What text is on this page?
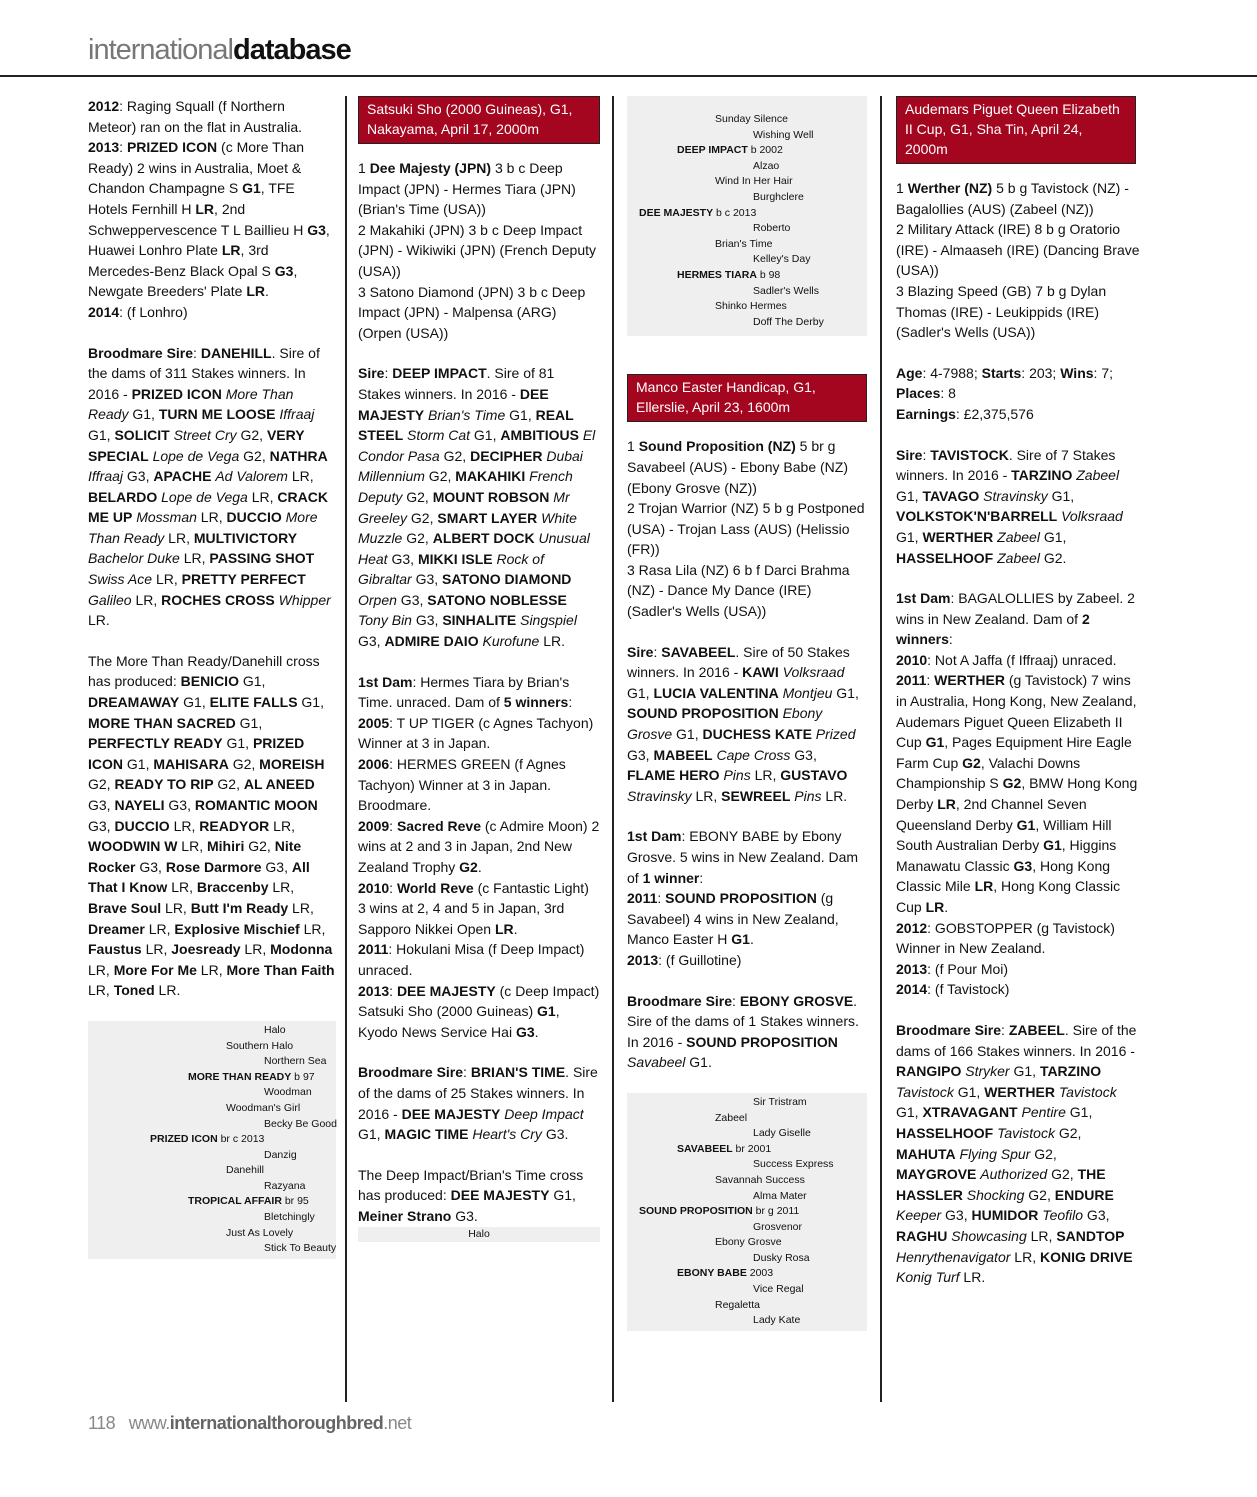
internationaldatabase
2012: Raging Squall (f Northern Meteor) ran on the flat in Australia.
2013: PRIZED ICON (c More Than Ready) 2 wins in Australia, Moet & Chandon Champagne S G1, TFE Hotels Fernhill H LR, 2nd Schweppervescence T L Baillieu H G3, Huawei Lonhro Plate LR, 3rd Mercedes-Benz Black Opal S G3, Newgate Breeders' Plate LR.
2014: (f Lonhro)
Broodmare Sire: DANEHILL. Sire of the dams of 311 Stakes winners. In 2016 - PRIZED ICON More Than Ready G1, TURN ME LOOSE Iffraaj G1, SOLICIT Street Cry G2, VERY SPECIAL Lope de Vega G2, NATHRA Iffraaj G3, APACHE Ad Valorem LR, BELARDO Lope de Vega LR, CRACK ME UP Mossman LR, DUCCIO More Than Ready LR, MULTIVICTORY Bachelor Duke LR, PASSING SHOT Swiss Ace LR, PRETTY PERFECT Galileo LR, ROCHES CROSS Whipper LR.
The More Than Ready/Danehill cross has produced: BENICIO G1, DREAMAWAY G1, ELITE FALLS G1, MORE THAN SACRED G1, PERFECTLY READY G1, PRIZED ICON G1, MAHISARA G2, MOREISH G2, READY TO RIP G2, AL ANEED G3, NAYELI G3, ROMANTIC MOON G3, DUCCIO LR, READYOR LR, WOODWIN W LR, Mihiri G2, Nite Rocker G3, Rose Darmore G3, All That I Know LR, Braccenby LR, Brave Soul LR, Butt I'm Ready LR, Dreamer LR, Explosive Mischief LR, Faustus LR, Joesready LR, Modonna LR, More For Me LR, More Than Faith LR, Toned LR.
Halo
Southern Halo
Northern Sea
MORE THAN READY b 97
Woodman
Woodman's Girl
Becky Be Good
PRIZED ICON br c 2013
Danzig
Danehill
Razyana
TROPICAL AFFAIR br 95
Bletchingly
Just As Lovely
Stick To Beauty
Satsuki Sho (2000 Guineas), G1, Nakayama, April 17, 2000m
1 Dee Majesty (JPN) 3 b c Deep Impact (JPN) - Hermes Tiara (JPN) (Brian's Time (USA))
2 Makahiki (JPN) 3 b c Deep Impact (JPN) - Wikiwiki (JPN) (French Deputy (USA))
3 Satono Diamond (JPN) 3 b c Deep Impact (JPN) - Malpensa (ARG) (Orpen (USA))
Sire: DEEP IMPACT. Sire of 81 Stakes winners. In 2016 - DEE MAJESTY Brian's Time G1, REAL STEEL Storm Cat G1, AMBITIOUS El Condor Pasa G2, DECIPHER Dubai Millennium G2, MAKAHIKI French Deputy G2, MOUNT ROBSON Mr Greeley G2, SMART LAYER White Muzzle G2, ALBERT DOCK Unusual Heat G3, MIKKI ISLE Rock of Gibraltar G3, SATONO DIAMOND Orpen G3, SATONO NOBLESSE Tony Bin G3, SINHALITE Singspiel G3, ADMIRE DAIO Kurofune LR.
1st Dam: Hermes Tiara by Brian's Time. unraced. Dam of 5 winners:
2005: T UP TIGER (c Agnes Tachyon) Winner at 3 in Japan.
2006: HERMES GREEN (f Agnes Tachyon) Winner at 3 in Japan. Broodmare.
2009: Sacred Reve (c Admire Moon) 2 wins at 2 and 3 in Japan, 2nd New Zealand Trophy G2.
2010: World Reve (c Fantastic Light) 3 wins at 2, 4 and 5 in Japan, 3rd Sapporo Nikkei Open LR.
2011: Hokulani Misa (f Deep Impact) unraced.
2013: DEE MAJESTY (c Deep Impact) Satsuki Sho (2000 Guineas) G1, Kyodo News Service Hai G3.
Broodmare Sire: BRIAN'S TIME. Sire of the dams of 25 Stakes winners. In 2016 - DEE MAJESTY Deep Impact G1, MAGIC TIME Heart's Cry G3.
The Deep Impact/Brian's Time cross has produced: DEE MAJESTY G1, Meiner Strano G3.
Halo
Sunday Silence
Wishing Well
DEEP IMPACT b 2002
Alzao
Wind In Her Hair
Burghclere
DEE MAJESTY b c 2013
Roberto
Brian's Time
Kelley's Day
HERMES TIARA b 98
Sadler's Wells
Shinko Hermes
Doff The Derby
Manco Easter Handicap, G1, Ellerslie, April 23, 1600m
1 Sound Proposition (NZ) 5 br g Savabeel (AUS) - Ebony Babe (NZ) (Ebony Grosve (NZ))
2 Trojan Warrior (NZ) 5 b g Postponed (USA) - Trojan Lass (AUS) (Helissio (FR))
3 Rasa Lila (NZ) 6 b f Darci Brahma (NZ) - Dance My Dance (IRE) (Sadler's Wells (USA))
Sire: SAVABEEL. Sire of 50 Stakes winners. In 2016 - KAWI Volksraad G1, LUCIA VALENTINA Montjeu G1, SOUND PROPOSITION Ebony Grosve G1, DUCHESS KATE Prized G3, MABEEL Cape Cross G3, FLAME HERO Pins LR, GUSTAVO Stravinsky LR, SEWREEL Pins LR.
1st Dam: EBONY BABE by Ebony Grosve. 5 wins in New Zealand. Dam of 1 winner:
2011: SOUND PROPOSITION (g Savabeel) 4 wins in New Zealand, Manco Easter H G1.
2013: (f Guillotine)
Broodmare Sire: EBONY GROSVE. Sire of the dams of 1 Stakes winners. In 2016 - SOUND PROPOSITION Savabeel G1.
Sir Tristram
Zabeel
Lady Giselle
SAVABEEL br 2001
Success Express
Savannah Success
Alma Mater
SOUND PROPOSITION br g 2011
Grosvenor
Ebony Grosve
Dusky Rosa
EBONY BABE 2003
Vice Regal
Regaletta
Lady Kate
Audemars Piguet Queen Elizabeth II Cup, G1, Sha Tin, April 24, 2000m
1 Werther (NZ) 5 b g Tavistock (NZ) - Bagalollies (AUS) (Zabeel (NZ))
2 Military Attack (IRE) 8 b g Oratorio (IRE) - Almaaseh (IRE) (Dancing Brave (USA))
3 Blazing Speed (GB) 7 b g Dylan Thomas (IRE) - Leukippids (IRE) (Sadler's Wells (USA))
Age: 4-7988; Starts: 203; Wins: 7; Places: 8
Earnings: £2,375,576
Sire: TAVISTOCK. Sire of 7 Stakes winners. In 2016 - TARZINO Zabeel G1, TAVAGO Stravinsky G1, VOLKSTOK'N'BARRELL Volksraad G1, WERTHER Zabeel G1, HASSELHOOF Zabeel G2.
1st Dam: BAGALOLLIES by Zabeel. 2 wins in New Zealand. Dam of 2 winners:
2010: Not A Jaffa (f Iffraaj) unraced.
2011: WERTHER (g Tavistock) 7 wins in Australia, Hong Kong, New Zealand, Audemars Piguet Queen Elizabeth II Cup G1, Pages Equipment Hire Eagle Farm Cup G2, Valachi Downs Championship S G2, BMW Hong Kong Derby LR, 2nd Channel Seven Queensland Derby G1, William Hill South Australian Derby G1, Higgins Manawatu Classic G3, Hong Kong Classic Mile LR, Hong Kong Classic Cup LR.
2012: GOBSTOPPER (g Tavistock) Winner in New Zealand.
2013: (f Pour Moi)
2014: (f Tavistock)
Broodmare Sire: ZABEEL. Sire of the dams of 166 Stakes winners. In 2016 - RANGIPO Stryker G1, TARZINO Tavistock G1, WERTHER Tavistock G1, XTRAVAGANT Pentire G1, HASSELHOOF Tavistock G2, MAHUTA Flying Spur G2, MAYGROVE Authorized G2, THE HASSLER Shocking G2, ENDURE Keeper G3, HUMIDOR Teofilo G3, RAGHU Showcasing LR, SANDTOP Henrythenavigator LR, KONIG DRIVE Konig Turf LR.
118 www.internationalthoroughbred.net
